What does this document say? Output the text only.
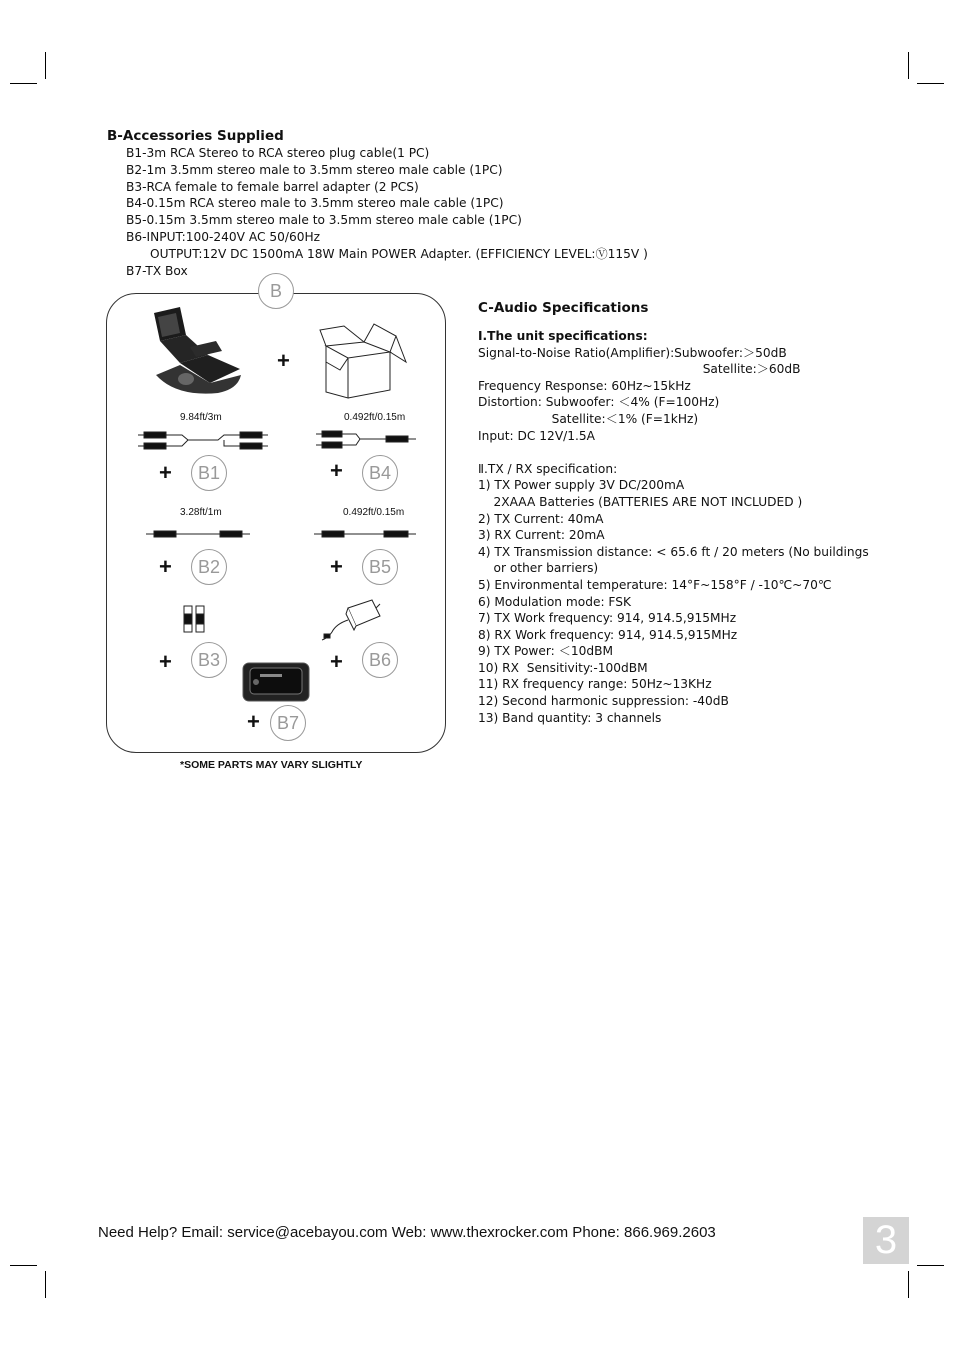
B-Accessories Supplied
B1-3m RCA Stereo to RCA stereo plug cable(1 PC)
B2-1m 3.5mm stereo male to 3.5mm stereo male cable (1PC)
B3-RCA female to female barrel adapter (2 PCS)
B4-0.15m RCA stereo male to 3.5mm stereo male cable (1PC)
B5-0.15m 3.5mm stereo male to 3.5mm stereo male cable (1PC)
B6-INPUT:100-240V AC 50/60Hz
OUTPUT:12V DC 1500mA 18W Main POWER Adapter. (EFFICIENCY LEVEL:Ⓥ115V )
B7-TX Box
B
+
9.84ft/3m
+	B1
0.492ft/0.15m
+	B4
3.28ft/1m
+	B2
0.492ft/0.15m
+	B5
+	B3	+	B6
+ B7
*SOME PARTS MAY VARY SLIGHTLY
C-Audio Specifications
Ⅰ.The unit specifications:
Signal-to-Noise Ratio(Amplifier):Subwoofer:＞50dB
Satellite:＞60dB
Frequency Response: 60Hz~15kHz
Distortion: Subwoofer: ＜4% (F=100Hz)
Satellite:＜1% (F=1kHz)
Input: DC 12V/1.5A

Ⅱ.TX / RX specification:
1) TX Power supply 3V DC/200mA
2XAAA Batteries (BATTERIES ARE NOT INCLUDED )
2) TX Current: 40mA
3) RX Current: 20mA
4) TX Transmission distance: < 65.6 ft / 20 meters (No buildings
or other barriers)
5) Environmental temperature: 14°F~158°F / -10℃~70℃
6) Modulation mode: FSK
7) TX Work frequency: 914, 914.5,915MHz
8) RX Work frequency: 914, 914.5,915MHz
9) TX Power: ＜10dBM
10) RX  Sensitivity:-100dBM
11) RX frequency range: 50Hz~13KHz
12) Second harmonic suppression: -40dB
13) Band quantity: 3 channels
Need Help? Email: service@acebayou.com Web: www.thexrocker.com Phone: 866.969.2603	3
